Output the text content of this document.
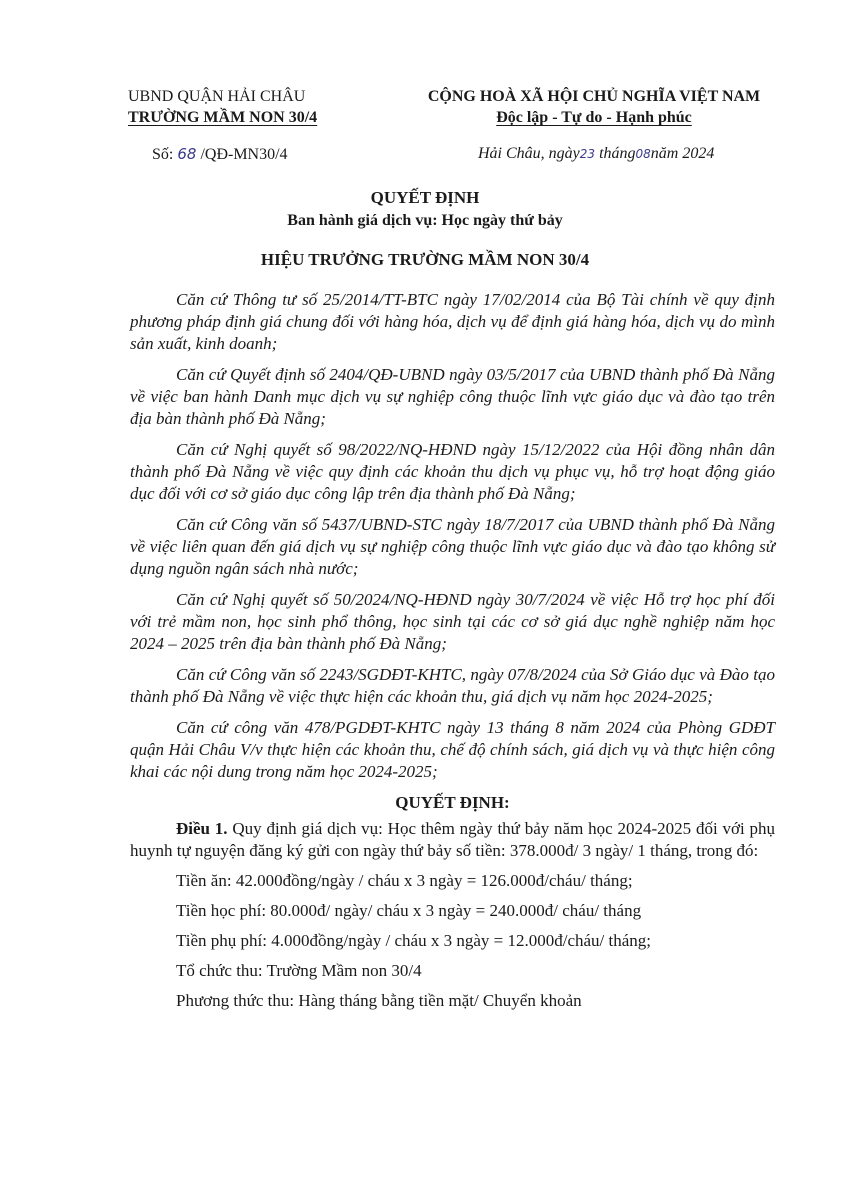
UBND QUẬN HẢI CHÂU
TRƯỜNG MẦM NON 30/4
CỘNG HOÀ XÃ HỘI CHỦ NGHĨA VIỆT NAM
Độc lập - Tự do - Hạnh phúc
Số: 68 /QĐ-MN30/4	Hải Châu, ngày23 tháng08năm 2024
QUYẾT ĐỊNH
Ban hành giá dịch vụ: Học ngày thứ bảy
HIỆU TRƯỞNG TRƯỜNG MẦM NON 30/4

Căn cứ Thông tư số 25/2014/TT-BTC ngày 17/02/2014 của Bộ Tài chính về quy định phương pháp định giá chung đối với hàng hóa, dịch vụ để định giá hàng hóa, dịch vụ do mình sản xuất, kinh doanh;

Căn cứ Quyết định số 2404/QĐ-UBND ngày 03/5/2017 của UBND thành phố Đà Nẵng về việc ban hành Danh mục dịch vụ sự nghiệp công thuộc lĩnh vực giáo dục và đào tạo trên địa bàn thành phố Đà Nẵng;

Căn cứ Nghị quyết số 98/2022/NQ-HĐND ngày 15/12/2022 của Hội đồng nhân dân thành phố Đà Nẵng về việc quy định các khoản thu dịch vụ phục vụ, hỗ trợ hoạt động giáo dục đối với cơ sở giáo dục công lập trên địa thành phố Đà Nẵng;

Căn cứ Công văn số 5437/UBND-STC ngày 18/7/2017 của UBND thành phố Đà Nẵng về việc liên quan đến giá dịch vụ sự nghiệp công thuộc lĩnh vực giáo dục và đào tạo không sử dụng nguồn ngân sách nhà nước;

Căn cứ Nghị quyết số 50/2024/NQ-HĐND ngày 30/7/2024 về việc Hỗ trợ học phí đối với trẻ mầm non, học sinh phổ thông, học sinh tại các cơ sở giá dục nghề nghiệp năm học 2024 – 2025 trên địa bàn thành phố Đà Nẵng;

Căn cứ Công văn số 2243/SGDĐT-KHTC, ngày 07/8/2024 của Sở Giáo dục và Đào tạo thành phố Đà Nẵng về việc thực hiện các khoản thu, giá dịch vụ năm học 2024-2025;

Căn cứ công văn 478/PGDĐT-KHTC ngày 13 tháng 8 năm 2024 của Phòng GDĐT quận Hải Châu V/v thực hiện các khoản thu, chế độ chính sách, giá dịch vụ và thực hiện công khai các nội dung trong năm học 2024-2025;

QUYẾT ĐỊNH:

Điều 1. Quy định giá dịch vụ: Học thêm ngày thứ bảy năm học 2024-2025 đối với phụ huynh tự nguyện đăng ký gửi con ngày thứ bảy số tiền: 378.000đ/ 3 ngày/ 1 tháng, trong đó:

Tiền ăn: 42.000đồng/ngày / cháu x 3 ngày = 126.000đ/cháu/ tháng;
Tiền học phí: 80.000đ/ ngày/ cháu x 3 ngày = 240.000đ/ cháu/ tháng
Tiền phụ phí: 4.000đồng/ngày / cháu x 3 ngày = 12.000đ/cháu/ tháng;
Tổ chức thu: Trường Mầm non 30/4
Phương thức thu: Hàng tháng bằng tiền mặt/ Chuyển khoản
